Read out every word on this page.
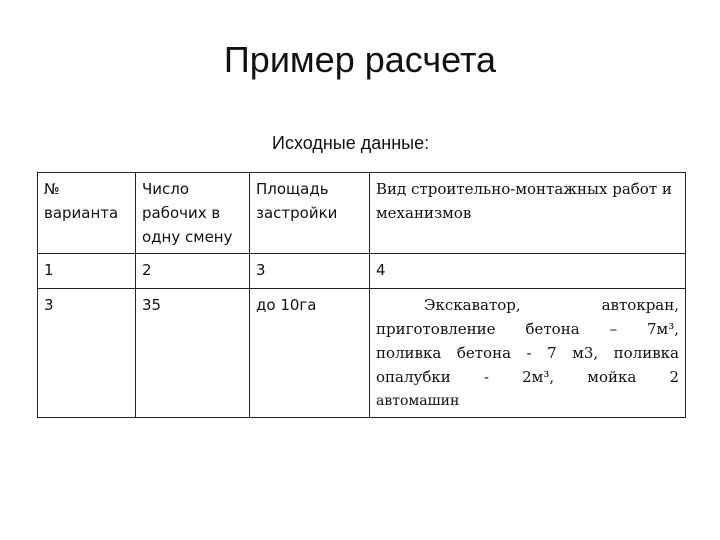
Пример расчета
Исходные данные:
№ варианта	Число рабочих в одну смену	Площадь застройки	Вид строительно-монтажных работ и механизмов
1	2	3	4
3	35	до 10га	Экскаватор, автокран,
приготовление бетона – 7м³,
поливка бетона - 7 м3, поливка
опалубки - 2м³, мойка 2
автомашин
